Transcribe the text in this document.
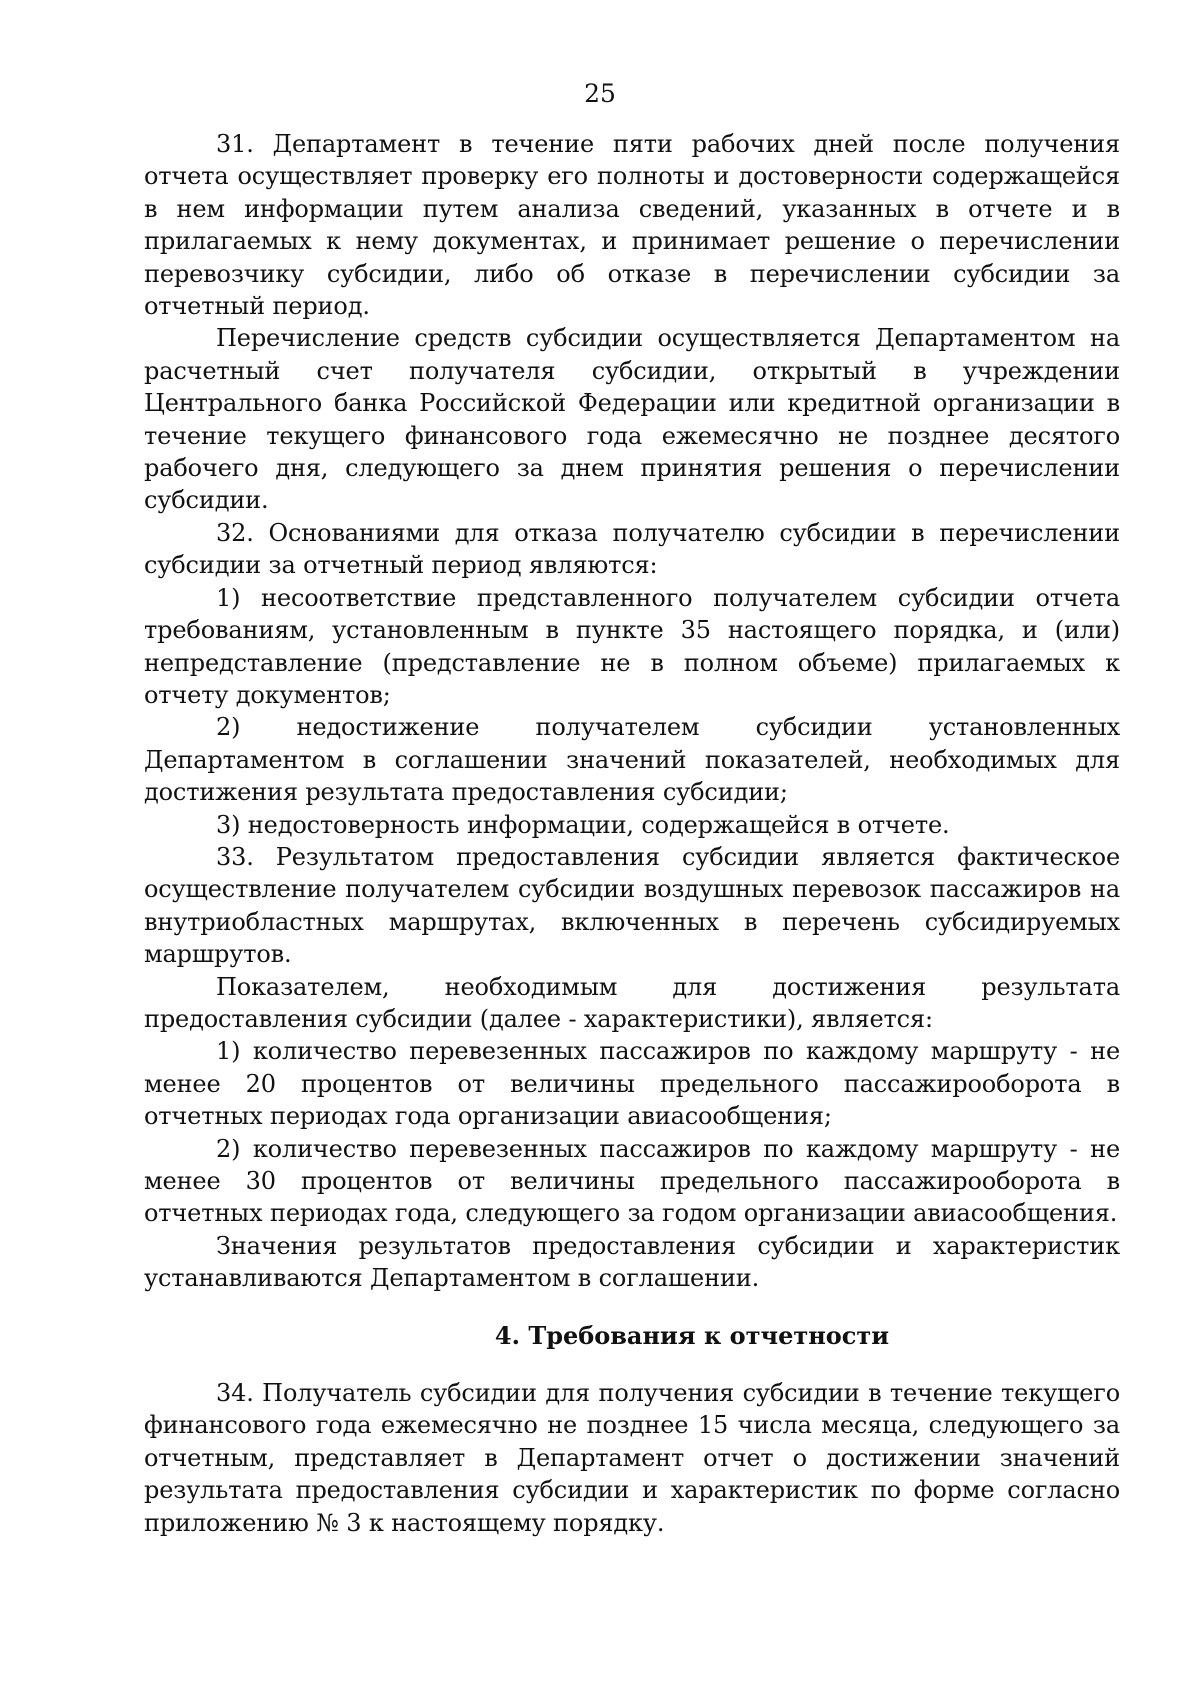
25

31. Департамент в течение пяти рабочих дней после получения отчета осуществляет проверку его полноты и достоверности содержащейся в нем информации путем анализа сведений, указанных в отчете и в прилагаемых к нему документах, и принимает решение о перечислении перевозчику субсидии, либо об отказе в перечислении субсидии за отчетный период.

Перечисление средств субсидии осуществляется Департаментом на расчетный счет получателя субсидии, открытый в учреждении Центрального банка Российской Федерации или кредитной организации в течение текущего финансового года ежемесячно не позднее десятого рабочего дня, следующего за днем принятия решения о перечислении субсидии.

32. Основаниями для отказа получателю субсидии в перечислении субсидии за отчетный период являются:

1) несоответствие представленного получателем субсидии отчета требованиям, установленным в пункте 35 настоящего порядка, и (или) непредставление (представление не в полном объеме) прилагаемых к отчету документов;

2) недостижение получателем субсидии установленных Департаментом в соглашении значений показателей, необходимых для достижения результата предоставления субсидии;

3) недостоверность информации, содержащейся в отчете.

33. Результатом предоставления субсидии является фактическое осуществление получателем субсидии воздушных перевозок пассажиров на внутриобластных маршрутах, включенных в перечень субсидируемых маршрутов.

Показателем, необходимым для достижения результата предоставления субсидии (далее - характеристики), является:

1) количество перевезенных пассажиров по каждому маршруту - не менее 20 процентов от величины предельного пассажирооборота в отчетных периодах года организации авиасообщения;

2) количество перевезенных пассажиров по каждому маршруту - не менее 30 процентов от величины предельного пассажирооборота в отчетных периодах года, следующего за годом организации авиасообщения.

Значения результатов предоставления субсидии и характеристик устанавливаются Департаментом в соглашении.

4. Требования к отчетности

34. Получатель субсидии для получения субсидии в течение текущего финансового года ежемесячно не позднее 15 числа месяца, следующего за отчетным, представляет в Департамент отчет о достижении значений результата предоставления субсидии и характеристик по форме согласно приложению № 3 к настоящему порядку.
